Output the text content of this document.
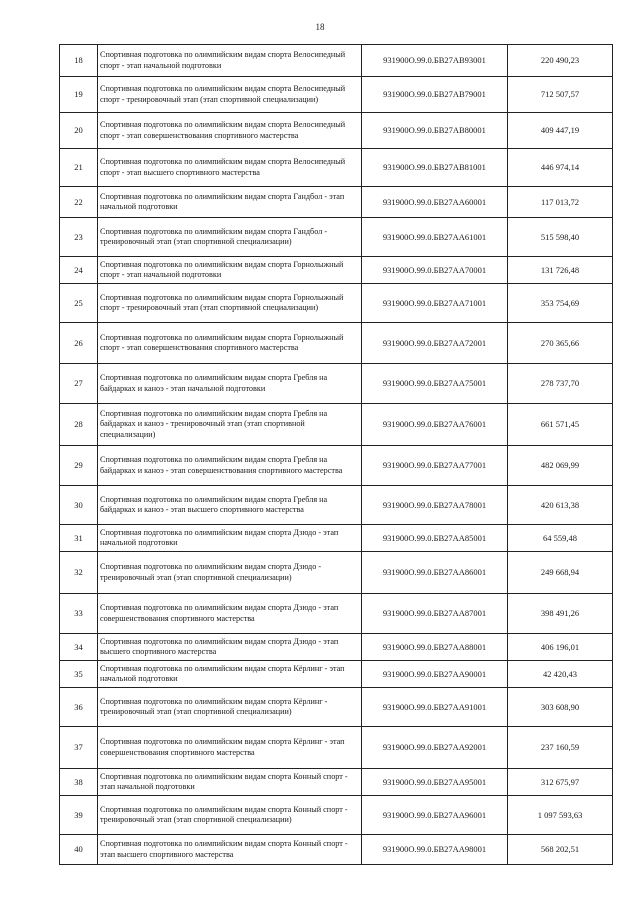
18
18	Спортивная подготовка по олимпийским видам спорта Велосипедный спорт - этап начальной подготовки	931900О.99.0.БВ27АВ93001	220 490,23
19	Спортивная подготовка по олимпийским видам спорта Велосипедный спорт - тренировочный этап (этап спортивной специализации)	931900О.99.0.БВ27АВ79001	712 507,57
20	Спортивная подготовка по олимпийским видам спорта Велосипедный спорт - этап совершенствования спортивного мастерства	931900О.99.0.БВ27АВ80001	409 447,19
21	Спортивная подготовка по олимпийским видам спорта Велосипедный спорт - этап высшего спортивного мастерства	931900О.99.0.БВ27АВ81001	446 974,14
22	Спортивная подготовка по олимпийским видам спорта Гандбол - этап начальной подготовки	931900О.99.0.БВ27АА60001	117 013,72
23	Спортивная подготовка по олимпийским видам спорта Гандбол - тренировочный этап (этап спортивной специализации)	931900О.99.0.БВ27АА61001	515 598,40
24	Спортивная подготовка по олимпийским видам спорта Горнолыжный спорт - этап начальной подготовки	931900О.99.0.БВ27АА70001	131 726,48
25	Спортивная подготовка по олимпийским видам спорта Горнолыжный спорт - тренировочный этап (этап спортивной специализации)	931900О.99.0.БВ27АА71001	353 754,69
26	Спортивная подготовка по олимпийским видам спорта Горнолыжный спорт - этап совершенствования спортивного мастерства	931900О.99.0.БВ27АА72001	270 365,66
27	Спортивная подготовка по олимпийским видам спорта Гребля на байдарках и каноэ - этап начальной подготовки	931900О.99.0.БВ27АА75001	278 737,70
28	Спортивная подготовка по олимпийским видам спорта Гребля на байдарках и каноэ - тренировочный этап (этап спортивной специализации)	931900О.99.0.БВ27АА76001	661 571,45
29	Спортивная подготовка по олимпийским видам спорта Гребля на байдарках и каноэ - этап совершенствования спортивного мастерства	931900О.99.0.БВ27АА77001	482 069,99
30	Спортивная подготовка по олимпийским видам спорта Гребля на байдарках и каноэ - этап высшего спортивного мастерства	931900О.99.0.БВ27АА78001	420 613,38
31	Спортивная подготовка по олимпийским видам спорта Дзюдо - этап начальной подготовки	931900О.99.0.БВ27АА85001	64 559,48
32	Спортивная подготовка по олимпийским видам спорта Дзюдо - тренировочный этап (этап спортивной специализации)	931900О.99.0.БВ27АА86001	249 668,94
33	Спортивная подготовка по олимпийским видам спорта Дзюдо - этап совершенствования спортивного мастерства	931900О.99.0.БВ27АА87001	398 491,26
34	Спортивная подготовка по олимпийским видам спорта Дзюдо - этап высшего спортивного мастерства	931900О.99.0.БВ27АА88001	406 196,01
35	Спортивная подготовка по олимпийским видам спорта Кёрлинг - этап начальной подготовки	931900О.99.0.БВ27АА90001	42 420,43
36	Спортивная подготовка по олимпийским видам спорта Кёрлинг - тренировочный этап (этап спортивной специализации)	931900О.99.0.БВ27АА91001	303 608,90
37	Спортивная подготовка по олимпийским видам спорта Кёрлинг - этап совершенствования спортивного мастерства	931900О.99.0.БВ27АА92001	237 160,59
38	Спортивная подготовка по олимпийским видам спорта Конный спорт - этап начальной подготовки	931900О.99.0.БВ27АА95001	312 675,97
39	Спортивная подготовка по олимпийским видам спорта Конный спорт - тренировочный этап (этап спортивной специализации)	931900О.99.0.БВ27АА96001	1 097 593,63
40	Спортивная подготовка по олимпийским видам спорта Конный спорт - этап высшего спортивного мастерства	931900О.99.0.БВ27АА98001	568 202,51
